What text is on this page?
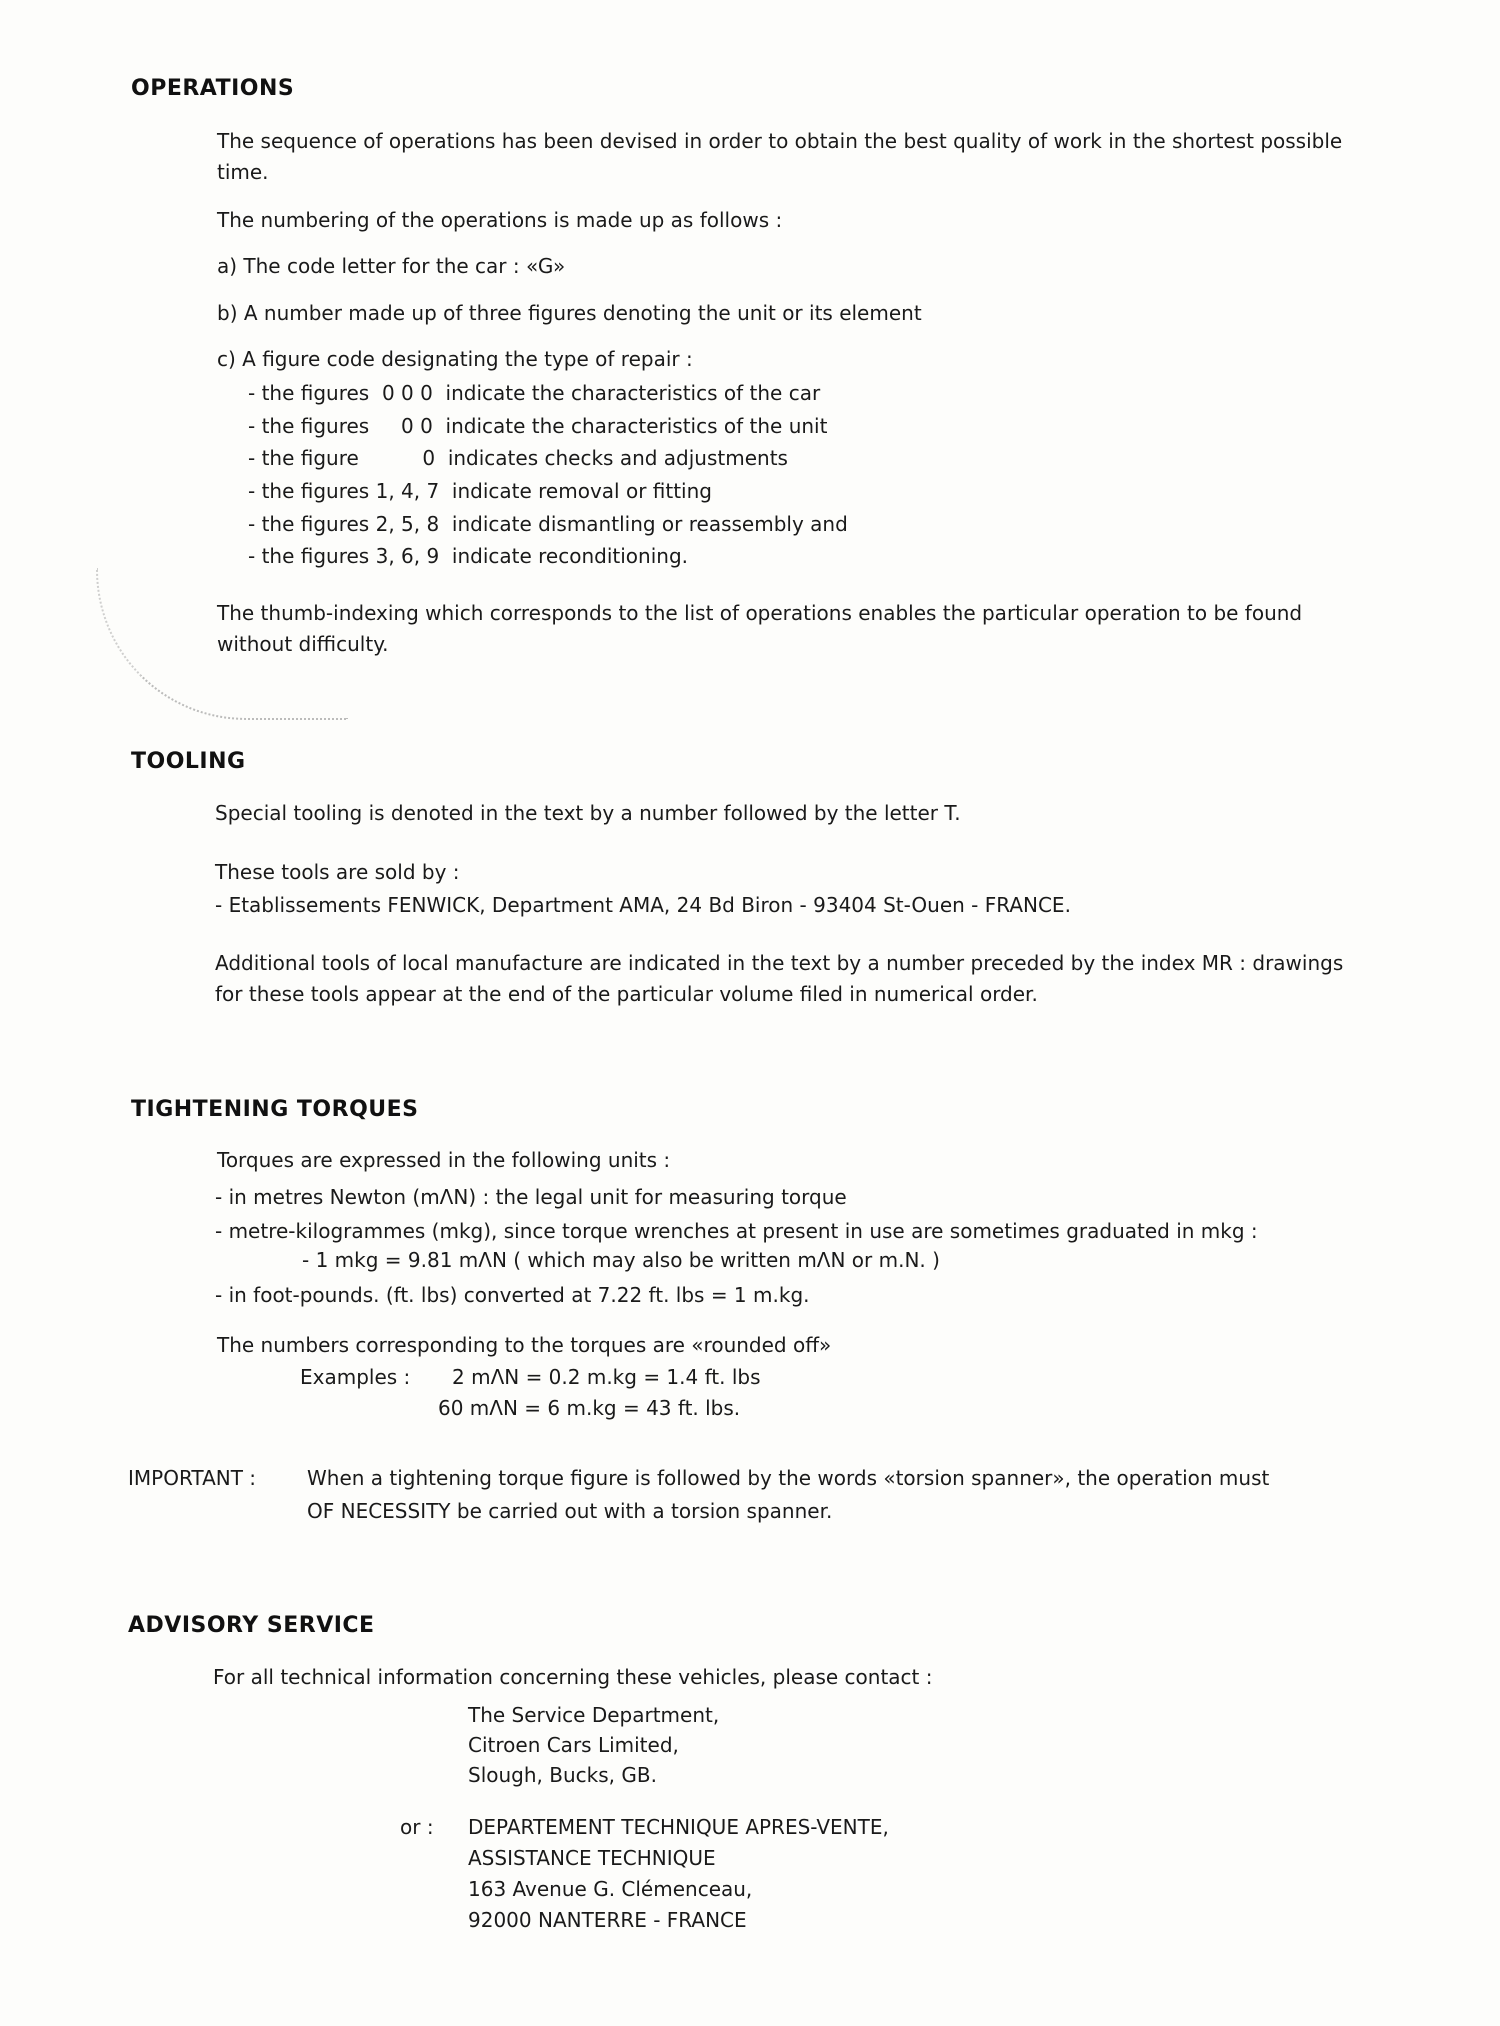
OPERATIONS
The sequence of operations has been devised in order to obtain the best quality of work in the shortest possible time.
The numbering of the operations is made up as follows :
a) The code letter for the car : «G»
b) A number made up of three figures denoting the unit or its element
c) A figure code designating the type of repair :
- the figures  0 0 0  indicate the characteristics of the car
- the figures     0 0  indicate the characteristics of the unit
- the figure          0  indicates checks and adjustments
- the figures 1, 4, 7  indicate removal or fitting
- the figures 2, 5, 8  indicate dismantling or reassembly and
- the figures 3, 6, 9  indicate reconditioning.
The thumb-indexing which corresponds to the list of operations enables the particular operation to be found without difficulty.
TOOLING
Special tooling is denoted in the text by a number followed by the letter T.
These tools are sold by :
- Etablissements FENWICK, Department AMA, 24 Bd Biron - 93404 St-Ouen - FRANCE.
Additional tools of local manufacture are indicated in the text by a number preceded by the index MR : drawings for these tools appear at the end of the particular volume filed in numerical order.
TIGHTENING TORQUES
Torques are expressed in the following units :
- in metres Newton (mΛN) : the legal unit for measuring torque
- metre-kilogrammes (mkg), since torque wrenches at present in use are sometimes graduated in mkg :
- 1 mkg = 9.81 mΛN ( which may also be written mΛN or m.N. )
- in foot-pounds. (ft. lbs) converted at 7.22 ft. lbs = 1 m.kg.
The numbers corresponding to the torques are «rounded off»
Examples : 2 mΛN = 0.2 m.kg = 1.4 ft. lbs
60 mΛN = 6 m.kg = 43 ft. lbs.
IMPORTANT :	When a tightening torque figure is followed by the words «torsion spanner», the operation must
OF NECESSITY be carried out with a torsion spanner.
ADVISORY SERVICE
For all technical information concerning these vehicles, please contact :
The Service Department,
Citroen Cars Limited,
Slough, Bucks, GB.
or : DEPARTEMENT TECHNIQUE APRES-VENTE,
ASSISTANCE TECHNIQUE
163 Avenue G. Clémenceau,
92000 NANTERRE - FRANCE
